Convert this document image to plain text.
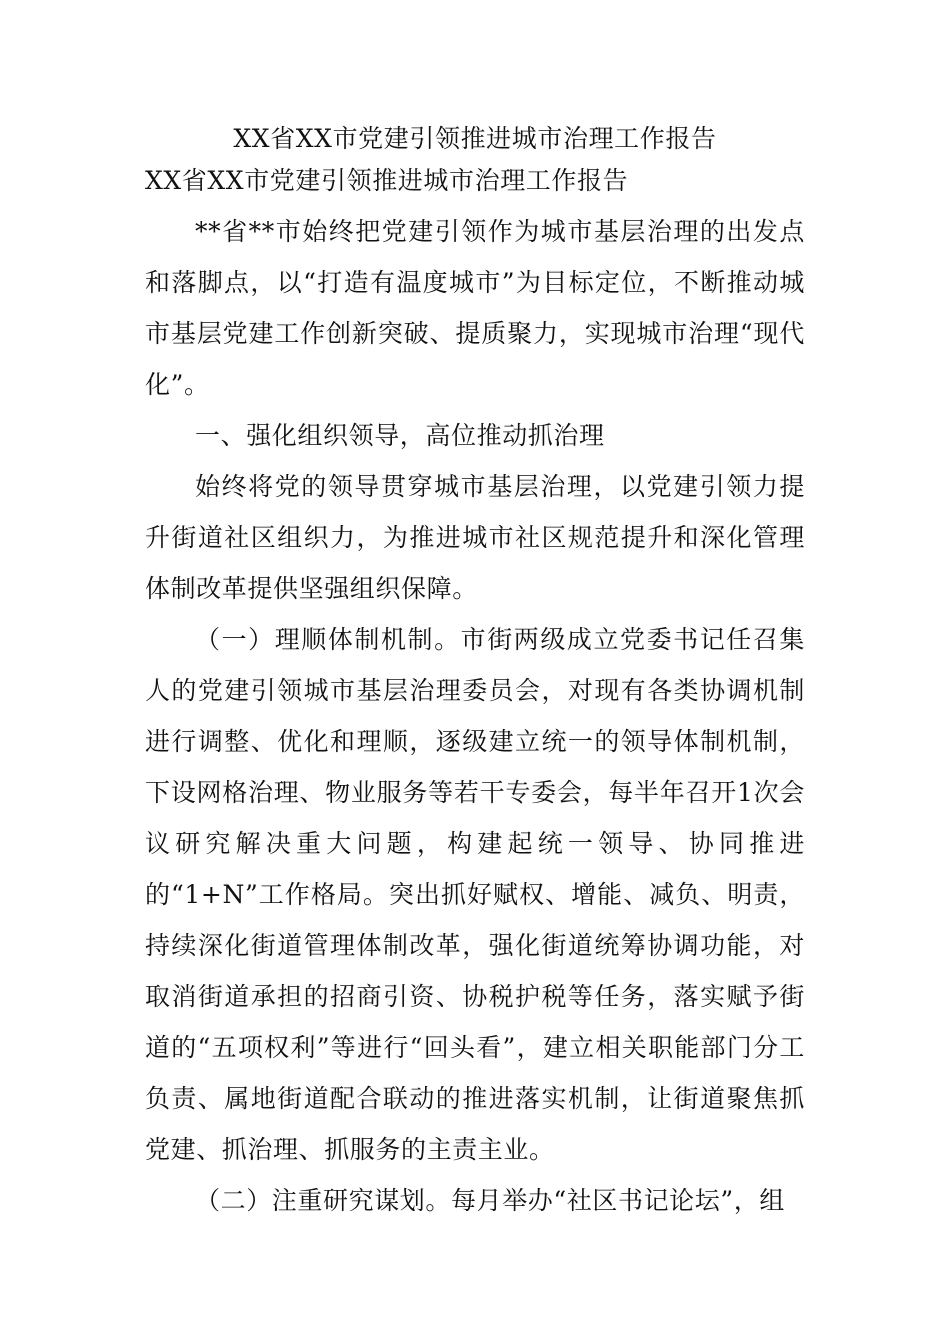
XX省XX市党建引领推进城市治理工作报告
XX省XX市党建引领推进城市治理工作报告

**省**市始终把党建引领作为城市基层治理的出发点和落脚点，以“打造有温度城市”为目标定位，不断推动城市基层党建工作创新突破、提质聚力，实现城市治理“现代化”。

一、强化组织领导，高位推动抓治理

始终将党的领导贯穿城市基层治理，以党建引领力提升街道社区组织力，为推进城市社区规范提升和深化管理体制改革提供坚强组织保障。

（一）理顺体制机制。市街两级成立党委书记任召集人的党建引领城市基层治理委员会，对现有各类协调机制进行调整、优化和理顺，逐级建立统一的领导体制机制，下设网格治理、物业服务等若干专委会，每半年召开1次会议研究解决重大问题，构建起统一领导、协同推进的“1+N”工作格局。突出抓好赋权、增能、减负、明责，持续深化街道管理体制改革，强化街道统筹协调功能，对取消街道承担的招商引资、协税护税等任务，落实赋予街道的“五项权利”等进行“回头看”，建立相关职能部门分工负责、属地街道配合联动的推进落实机制，让街道聚焦抓党建、抓治理、抓服务的主责主业。

（二）注重研究谋划。每月举办“社区书记论坛”，组
